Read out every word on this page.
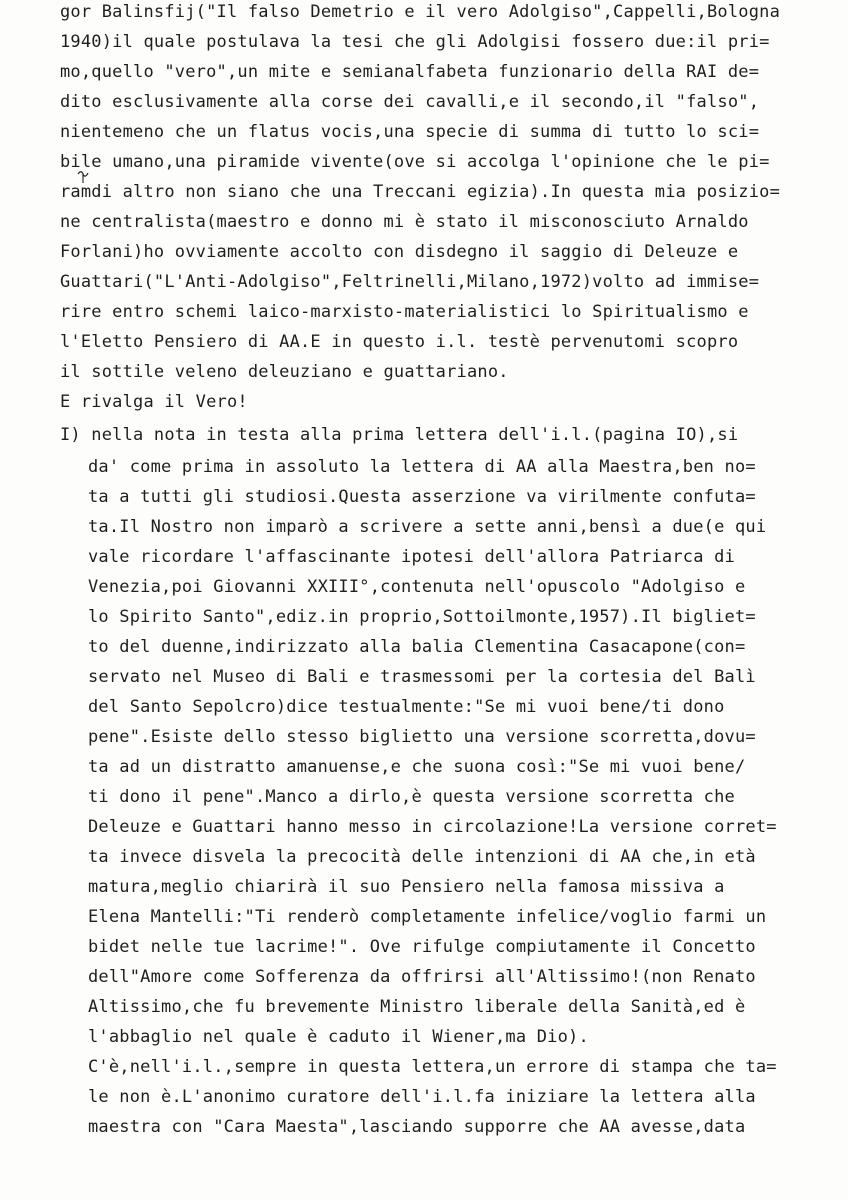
gor Balinsfij("Il falso Demetrio e il vero Adolgiso",Cappelli,Bologna
1940)il quale postulava la tesi che gli Adolgisi fossero due:il pri=
mo,quello "vero",un mite e semianalfabeta funzionario della RAI de=
dito esclusivamente alla corse dei cavalli,e il secondo,il "falso",
nientemeno che un flatus vocis,una specie di summa di tutto lo sci=
bile umano,una piramide vivente(ove si accolga l'opinione che le pi=
ramdi altro non siano che una Treccani egizia).In questa mia posizio=
ne centralista(maestro e donno mi è stato il misconosciuto Arnaldo
Forlani)ho ovviamente accolto con disdegno il saggio di Deleuze e
Guattari("L'Anti-Adolgiso",Feltrinelli,Milano,1972)volto ad immise=
rire entro schemi laico-marxisto-materialistici lo Spiritualismo e
l'Eletto Pensiero di AA.E in questo i.l. testè pervenutomi scopro
il sottile veleno deleuziano e guattariano.
E rivalga il Vero!
I) nella nota in testa alla prima lettera dell'i.l.(pagina IO),si
da' come prima in assoluto la lettera di AA alla Maestra,ben no=
ta a tutti gli studiosi.Questa asserzione va virilmente confuta=
ta.Il Nostro non imparò a scrivere a sette anni,bensì a due(e qui
vale ricordare l'affascinante ipotesi dell'allora Patriarca di
Venezia,poi Giovanni XXIII°,contenuta nell'opuscolo "Adolgiso e
lo Spirito Santo",ediz.in proprio,Sottoilmonte,1957).Il bigliet=
to del duenne,indirizzato alla balia Clementina Casacapone(con=
servato nel Museo di Bali e trasmessomi per la cortesia del Balì
del Santo Sepolcro)dice testualmente:"Se mi vuoi bene/ti dono
pene".Esiste dello stesso biglietto una versione scorretta,dovu=
ta ad un distratto amanuense,e che suona così:"Se mi vuoi bene/
ti dono il pene".Manco a dirlo,è questa versione scorretta che
Deleuze e Guattari hanno messo in circolazione!La versione corret=
ta invece disvela la precocità delle intenzioni di AA che,in età
matura,meglio chiarirà il suo Pensiero nella famosa missiva a
Elena Mantelli:"Ti renderò completamente infelice/voglio farmi un
bidet nelle tue lacrime!". Ove rifulge compiutamente il Concetto
dell"Amore come Sofferenza da offrirsi all'Altissimo!(non Renato
Altissimo,che fu brevemente Ministro liberale della Sanità,ed è
l'abbaglio nel quale è caduto il Wiener,ma Dio).
C'è,nell'i.l.,sempre in questa lettera,un errore di stampa che ta=
le non è.L'anonimo curatore dell'i.l.fa iniziare la lettera alla
maestra con "Cara Maesta",lasciando supporre che AA avesse,data
